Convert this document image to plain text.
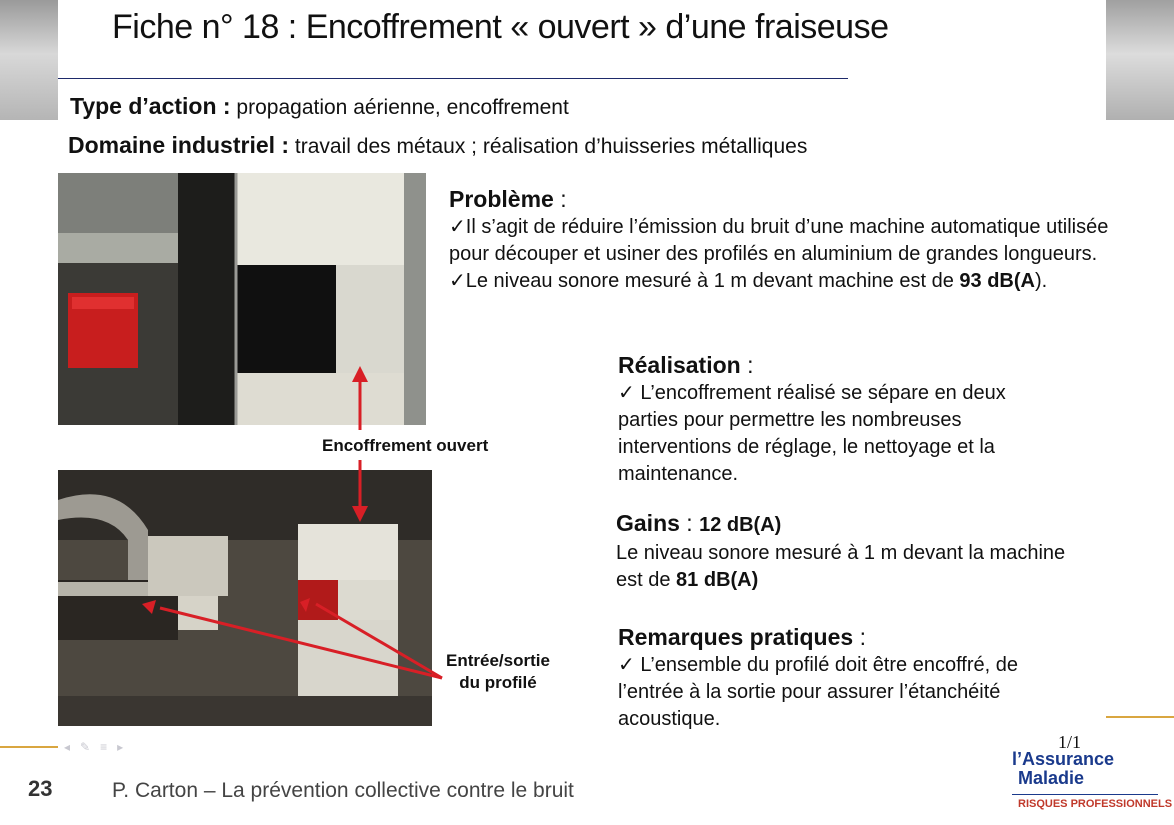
Fiche n° 18 : Encoffrement « ouvert » d’une fraiseuse
Type d’action : propagation aérienne, encoffrement
Domaine industriel : travail des métaux ; réalisation d’huisseries métalliques
Problème :

✓Il s’agit de réduire l’émission du bruit d’une machine automatique utilisée pour découper et usiner des profilés en aluminium de grandes longueurs.

✓Le niveau sonore mesuré à 1 m devant machine est de 93 dB(A).

Réalisation :

✓ L’encoffrement réalisé se sépare en deux parties pour permettre les nombreuses interventions de réglage, le nettoyage et la maintenance.

Gains : 12 dB(A)

Le niveau sonore mesuré à 1 m devant la machine est de 81 dB(A)

Remarques pratiques :

✓ L’ensemble du profilé doit être encoffré, de l’entrée à la sortie pour assurer l’étanchéité acoustique.

Encoffrement ouvert
Entrée/sortie
du profilé
◂✎≡▸	1/1
23	P. Carton – La prévention collective contre le bruit
l’Assurance
Maladie
RISQUES PROFESSIONNELS
